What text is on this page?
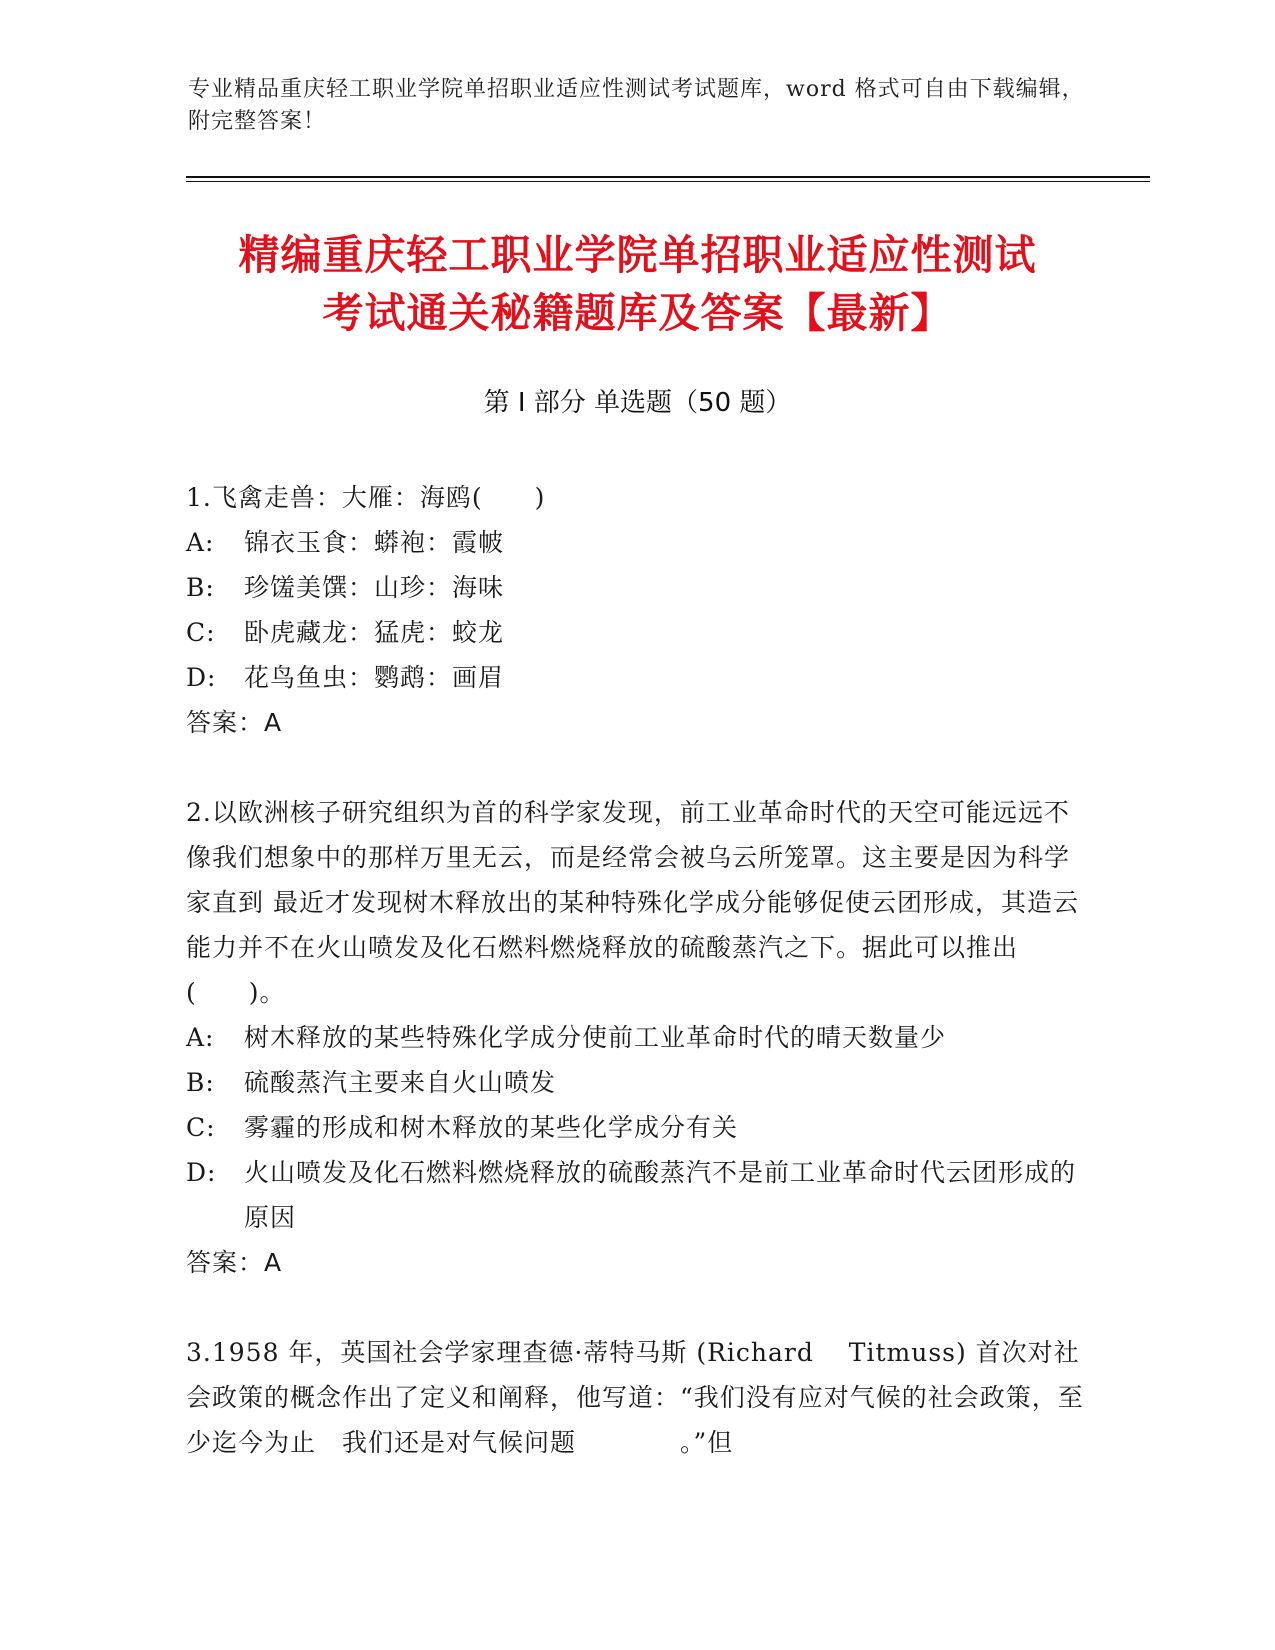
专业精品重庆轻工职业学院单招职业适应性测试考试题库，word 格式可自由下载编辑，附完整答案！
精编重庆轻工职业学院单招职业适应性测试
考试通关秘籍题库及答案【最新】
第 I 部分 单选题（50 题）

1.飞禽走兽：大雁：海鸥(　　)

A:	锦衣玉食：蟒袍：霞帔

B:	珍馐美馔：山珍：海味

C:	卧虎藏龙：猛虎：蛟龙

D:	花鸟鱼虫：鹦鹉：画眉

答案：A

2.以欧洲核子研究组织为首的科学家发现，前工业革命时代的天空可能远远不 像我们想象中的那样万里无云，而是经常会被乌云所笼罩。这主要是因为科学家直到 最近才发现树木释放出的某种特殊化学成分能够促使云团形成，其造云能力并不在火山喷发及化石燃料燃烧释放的硫酸蒸汽之下。据此可以推出(　　)。

A:	树木释放的某些特殊化学成分使前工业革命时代的晴天数量少

B:	硫酸蒸汽主要来自火山喷发

C:	雾霾的形成和树木释放的某些化学成分有关

D:	火山喷发及化石燃料燃烧释放的硫酸蒸汽不是前工业革命时代云团形成的原因

答案：A

3.1958 年，英国社会学家理查德·蒂特马斯 (Richard　 Titmuss) 首次对社会政策的概念作出了定义和阐释，他写道：“我们没有应对气候的社会政策，至少迄今为止　我们还是对气候问题　　　　。”但
